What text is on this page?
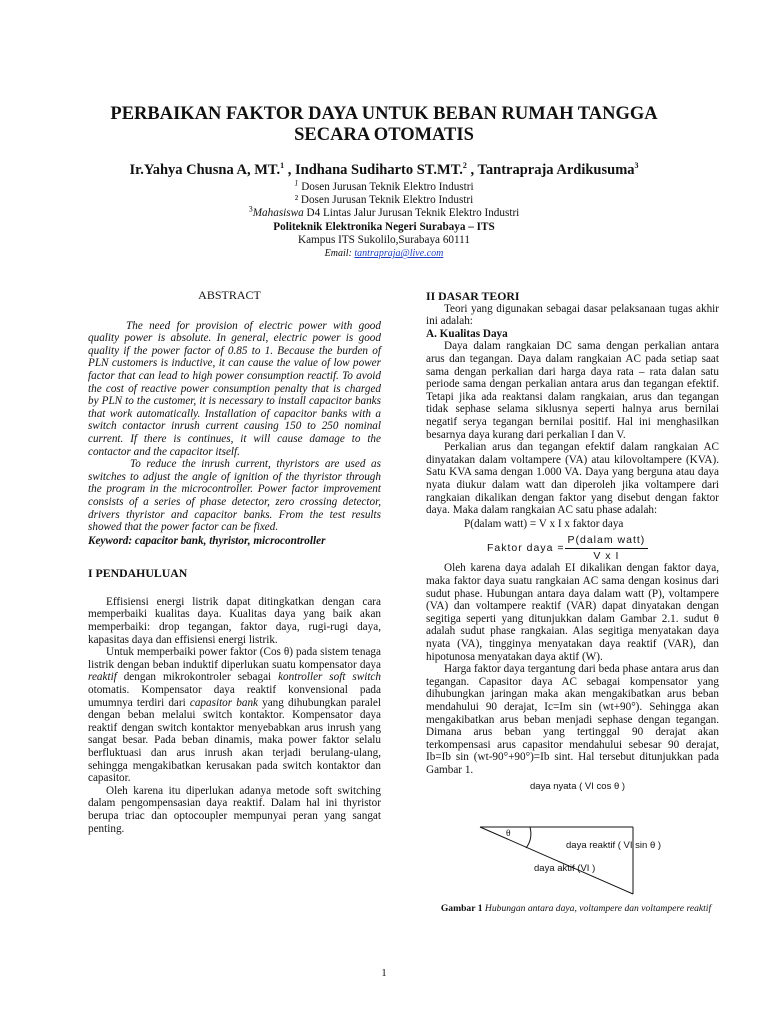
PERBAIKAN FAKTOR DAYA UNTUK BEBAN RUMAH TANGGA
SECARA OTOMATIS
Ir.Yahya Chusna A, MT.$^1$ , Indhana Sudiharto ST.MT.$^2$ , Tantrapraja Ardikusuma$^3$
$^1$ Dosen Jurusan Teknik Elektro Industri
² Dosen Jurusan Teknik Elektro Industri
$^3$Mahasiswa D4 Lintas Jalur Jurusan Teknik Elektro Industri
Politeknik Elektronika Negeri Surabaya – ITS
Kampus ITS Sukolilo,Surabaya 60111
Email: tantrapraja@live.com
ABSTRACT

The need for provision of electric power with good quality power is absolute. In general, electric power is good quality if the power factor of 0.85 to 1. Because the burden of PLN customers is inductive, it can cause the value of low power factor that can lead to high power consumption reactif. To avoid the cost of reactive power consumption penalty that is charged by PLN to the customer, it is necessary to install capacitor banks that work automatically. Installation of capacitor banks with a switch contactor inrush current causing 150 to 250 nominal current. If there is continues, it will cause damage to the contactor and the capacitor itself.

To reduce the inrush current, thyristors are used as switches to adjust the angle of ignition of the thyristor through the program in the microcontroller. Power factor improvement consists of a series of phase detector, zero crossing detector, drivers thyristor and capacitor banks. From the test results showed that the power factor can be fixed.

Keyword: capacitor bank, thyristor, microcontroller
I PENDAHULUAN

Effisiensi energi listrik dapat ditingkatkan dengan cara memperbaiki kualitas daya. Kualitas daya yang baik akan memperbaiki: drop tegangan, faktor daya, rugi-rugi daya, kapasitas daya dan effisiensi energi listrik.

Untuk memperbaiki power faktor (Cos θ) pada sistem tenaga listrik dengan beban induktif diperlukan suatu kompensator daya reaktif dengan mikrokontroler sebagai kontroller soft switch otomatis. Kompensator daya reaktif konvensional pada umumnya terdiri dari capasitor bank yang dihubungkan paralel dengan beban melalui switch kontaktor. Kompensator daya reaktif dengan switch kontaktor menyebabkan arus inrush yang sangat besar. Pada beban dinamis, maka power faktor selalu berfluktuasi dan arus inrush akan terjadi berulang-ulang, sehingga mengakibatkan kerusakan pada switch kontaktor dan capasitor.

Oleh karena itu diperlukan adanya metode soft switching dalam pengompensasian daya reaktif. Dalam hal ini thyristor berupa triac dan optocoupler mempunyai peran yang sangat penting.

II DASAR TEORI

Teori yang digunakan sebagai dasar pelaksanaan tugas akhir ini adalah:

A. Kualitas Daya

Daya dalam rangkaian DC sama dengan perkalian antara arus dan tegangan. Daya dalam rangkaian AC pada setiap saat sama dengan perkalian dari harga daya rata – rata dalan satu periode sama dengan perkalian antara arus dan tegangan efektif. Tetapi jika ada reaktansi dalam rangkaian, arus dan tegangan tidak sephase selama siklusnya seperti halnya arus bernilai negatif serya tegangan bernilai positif. Hal ini menghasilkan besarnya daya kurang dari perkalian I dan V.

Perkalian arus dan tegangan efektif dalam rangkaian AC dinyatakan dalam voltampere (VA) atau kilovoltampere (KVA). Satu KVA sama dengan 1.000 VA. Daya yang berguna atau daya nyata diukur dalam watt dan diperoleh jika voltampere dari rangkaian dikalikan dengan faktor yang disebut dengan faktor daya. Maka dalam rangkaian AC satu phase adalah:

P(dalam watt) = V x I x faktor daya
Faktor daya = $\frac{\text{P(dalam watt)}}{\text{V x I}}$

Oleh karena daya adalah EI dikalikan dengan faktor daya, maka faktor daya suatu rangkaian AC sama dengan kosinus dari sudut phase. Hubungan antara daya dalam watt (P), voltampere (VA) dan voltampere reaktif (VAR) dapat dinyatakan dengan segitiga seperti yang ditunjukkan dalam Gambar 2.1. sudut θ adalah sudut phase rangkaian. Alas segitiga menyatakan daya nyata (VA), tingginya menyatakan daya reaktif (VAR), dan hipotunosa menyatakan daya aktif (W).

Harga faktor daya tergantung dari beda phase antara arus dan tegangan. Capasitor daya AC sebagai kompensator yang dihubungkan jaringan maka akan mengakibatkan arus beban mendahului 90 derajat, Ic=Im sin (wt+90°). Sehingga akan mengakibatkan arus beban menjadi sephase dengan tegangan. Dimana arus beban yang tertinggal 90 derajat akan terkompensasi arus capasitor mendahului sebesar 90 derajat, Ib=Ib sin (wt-90°+90°)=Ib sint. Hal tersebut ditunjukkan pada Gambar 1.

daya nyata ( VI cos θ )
θ
daya reaktif ( VI sin θ )
daya aktif (VI )
Gambar 1 Hubungan antara daya, voltampere dan voltampere reaktif
1
